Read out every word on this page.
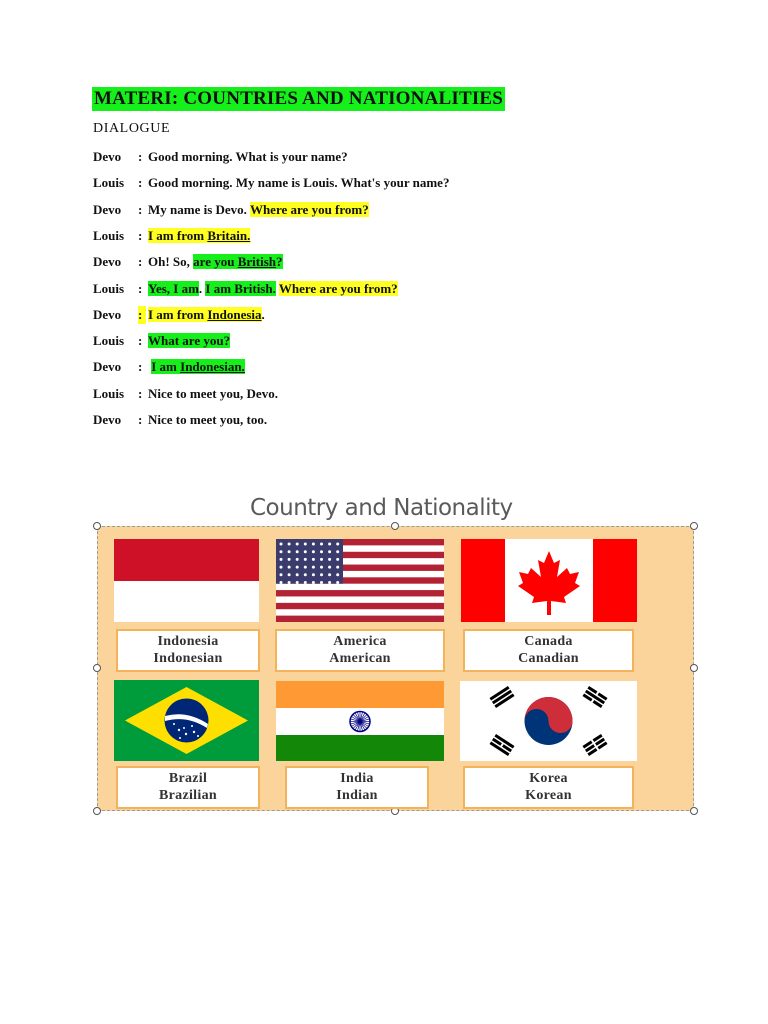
MATERI: COUNTRIES AND NATIONALITIES
DIALOGUE
Devo : Good morning. What is your name?
Louis : Good morning. My name is Louis. What's your name?
Devo : My name is Devo. Where are you from?
Louis : I am from Britain.
Devo : Oh! So, are you British?
Louis : Yes, I am. I am British. Where are you from?
Devo : I am from Indonesia.
Louis : What are you?
Devo : I am Indonesian.
Louis : Nice to meet you, Devo.
Devo : Nice to meet you, too.
Country and Nationality
Indonesia
Indonesian
America
American
Canada
Canadian
Brazil
Brazilian
India
Indian
Korea
Korean
